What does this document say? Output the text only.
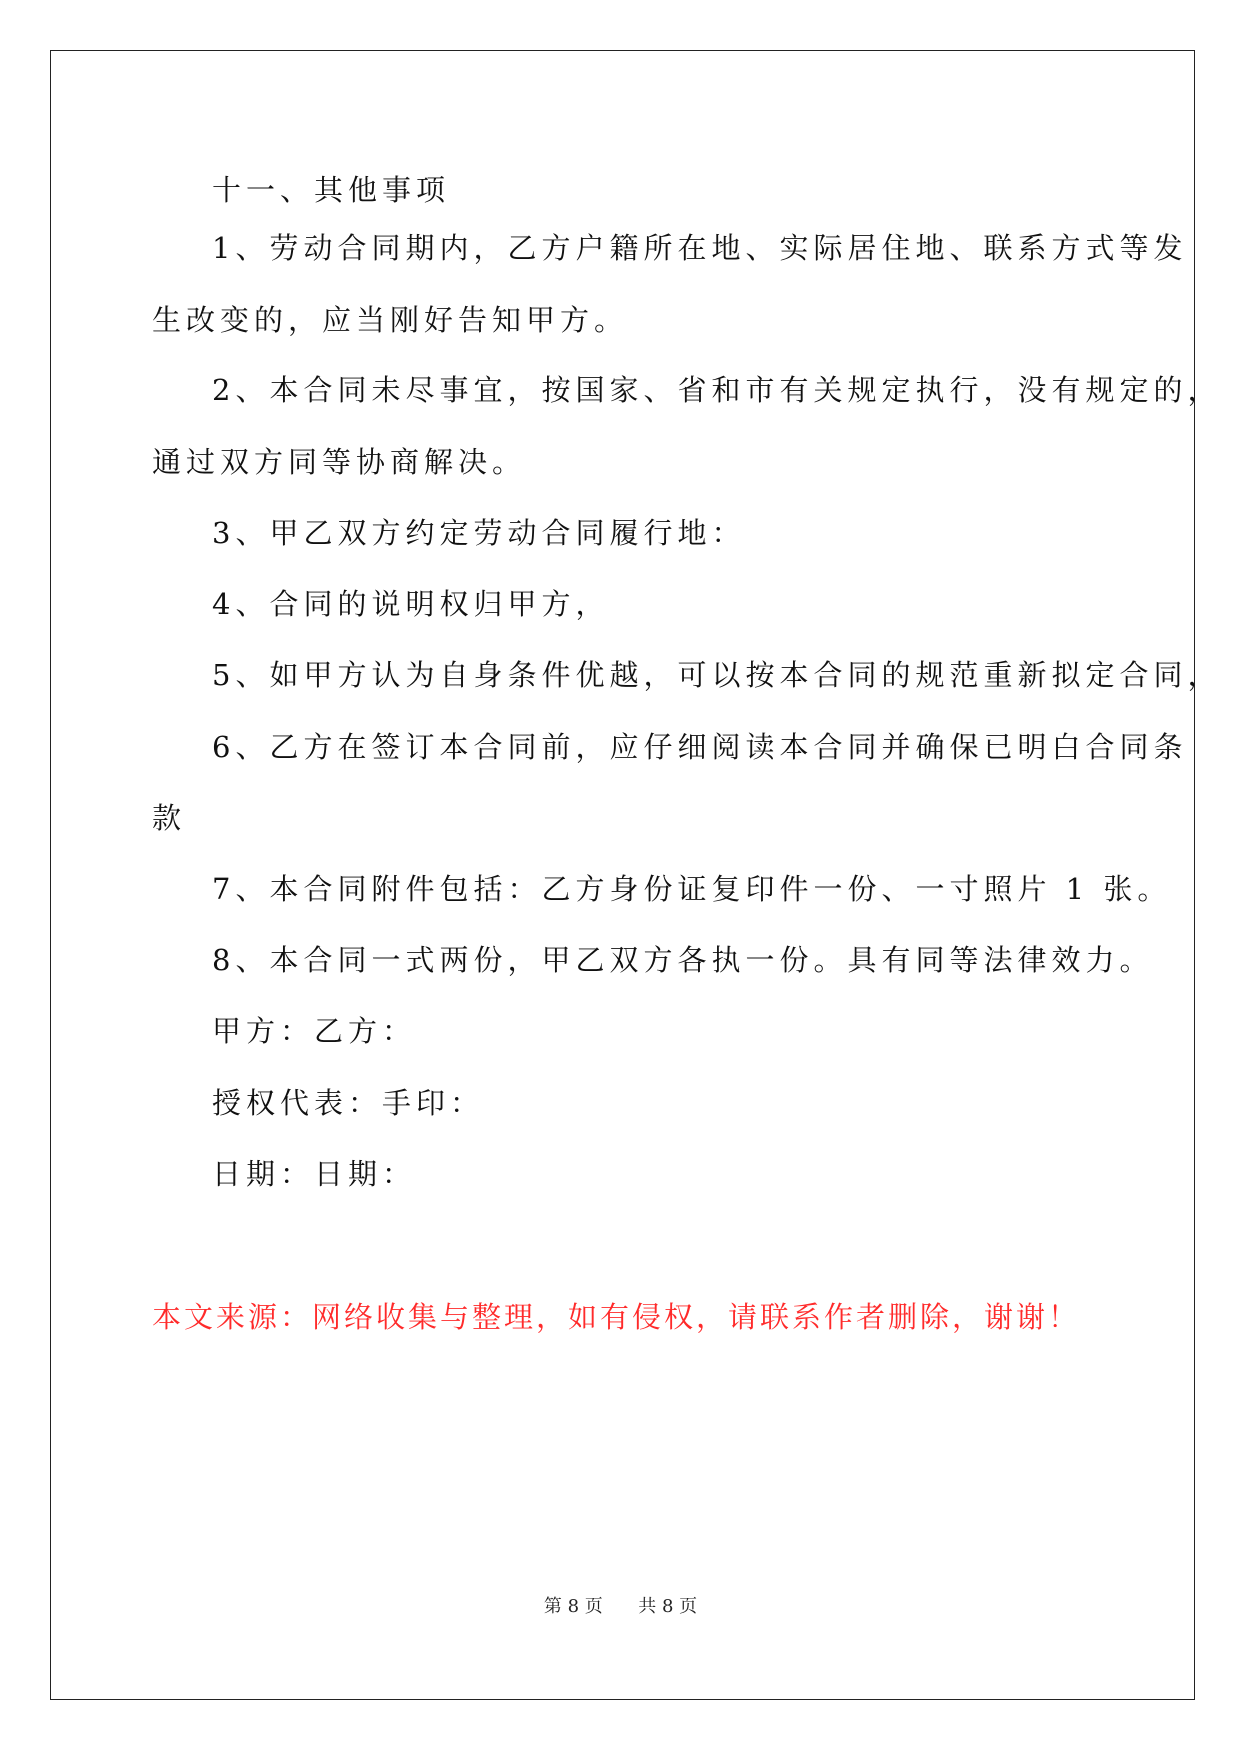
十一、其他事项
1、劳动合同期内，乙方户籍所在地、实际居住地、联系方式等发
生改变的，应当刚好告知甲方。
2、本合同未尽事宜，按国家、省和市有关规定执行，没有规定的，
通过双方同等协商解决。
3、甲乙双方约定劳动合同履行地：
4、合同的说明权归甲方，
5、如甲方认为自身条件优越，可以按本合同的规范重新拟定合同，
6、乙方在签订本合同前，应仔细阅读本合同并确保已明白合同条
款
7、本合同附件包括：乙方身份证复印件一份、一寸照片 1 张。
8、本合同一式两份，甲乙双方各执一份。具有同等法律效力。
甲方：乙方：
授权代表：手印：
日期：日期：
本文来源：网络收集与整理，如有侵权，请联系作者删除，谢谢！
第 8 页 共 8 页
